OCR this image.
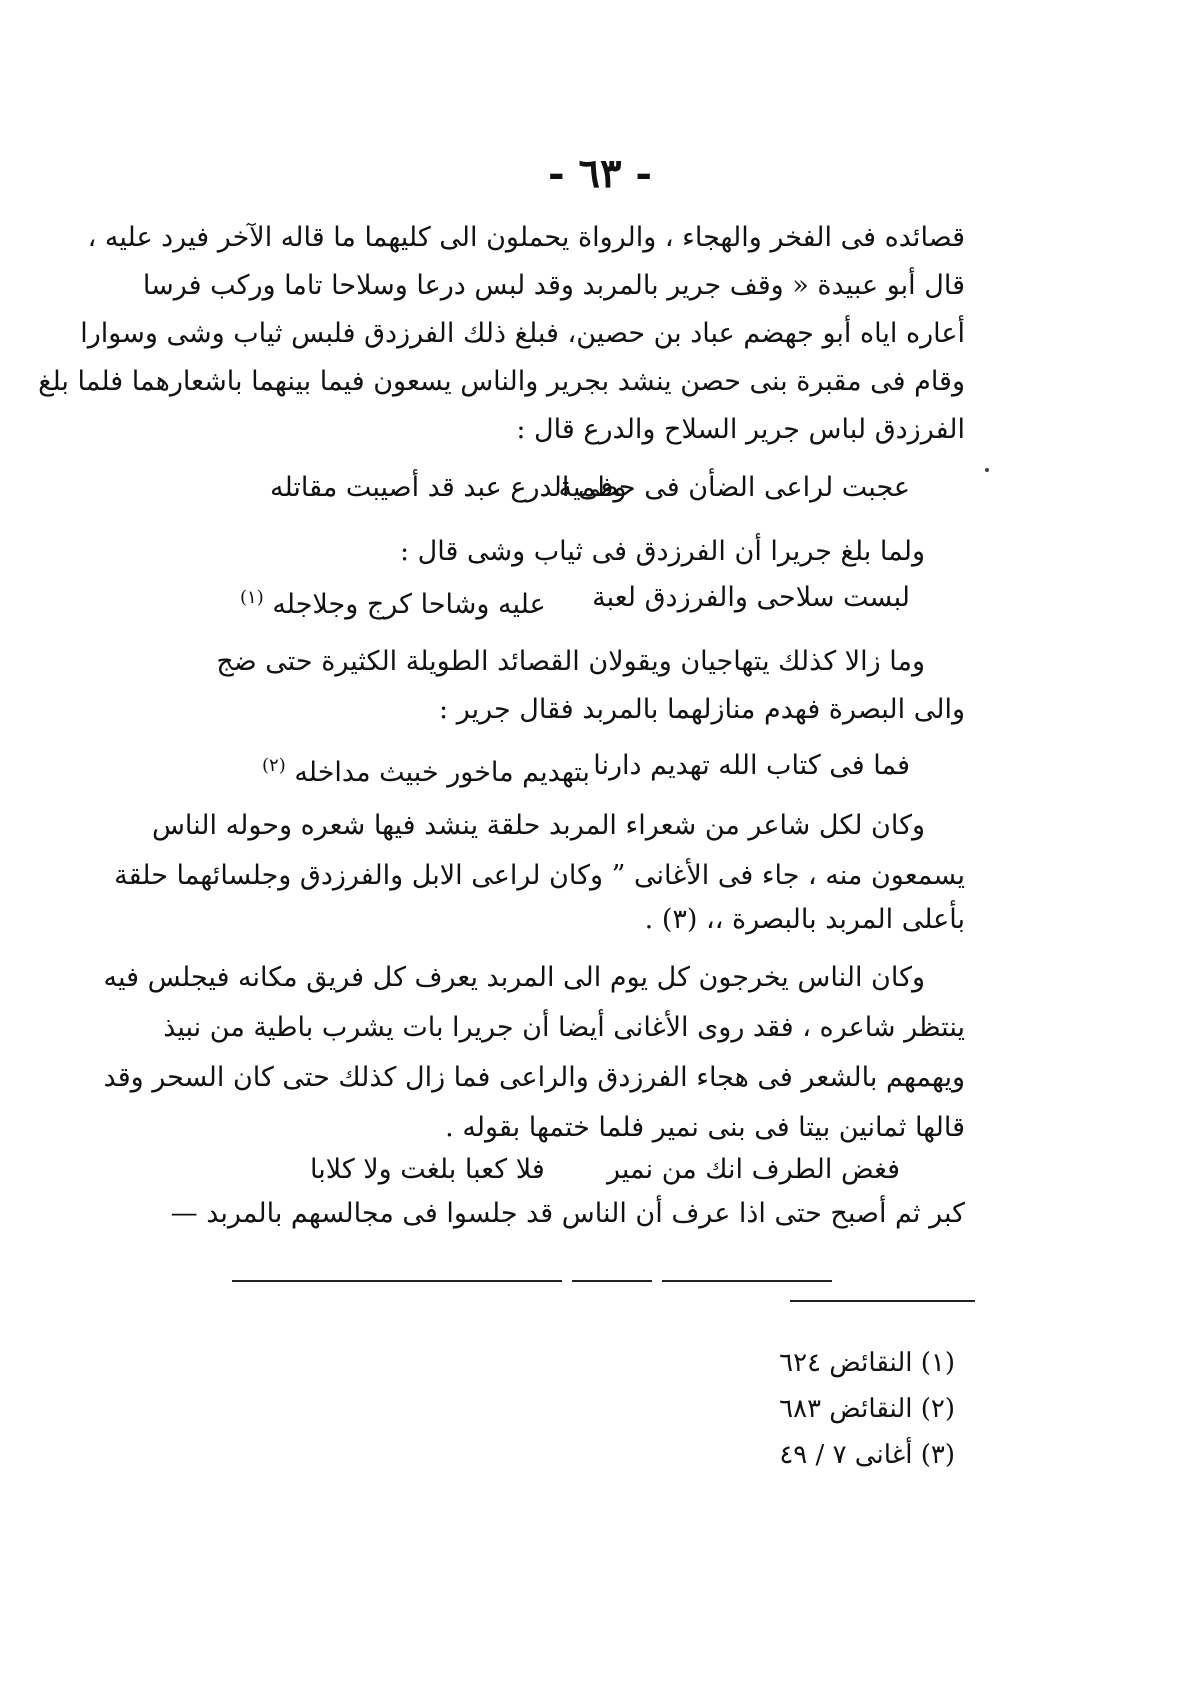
- ٦٣ -
قصائده فى الفخر والهجاء ، والرواة يحملون الى كليهما ما قاله الآخر فيرد عليه ،
قال أبو عبيدة « وقف جرير بالمربد وقد لبس درعا وسلاحا تاما وركب فرسا
أعاره اياه أبو جهضم عباد بن حصين، فبلغ ذلك الفرزدق فلبس ثياب وشى وسوارا
وقام فى مقبرة بنى حصن ينشد بجرير والناس يسعون فيما بينهما باشعارهما فلما بلغ
الفرزدق لباس جرير السلاح والدرع قال :
ولما بلغ جريرا أن الفرزدق فى ثياب وشى قال :
وما زالا كذلك يتهاجيان ويقولان القصائد الطويلة الكثيرة حتى ضج
والى البصرة فهدم منازلهما بالمربد فقال جرير :
وكان لكل شاعر من شعراء المربد حلقة ينشد فيها شعره وحوله الناس
يسمعون منه ، جاء فى الأغانى ” وكان لراعى الابل والفرزدق وجلسائهما حلقة
وكان الناس يخرجون كل يوم الى المربد يعرف كل فريق مكانه فيجلس فيه
ينتظر شاعره ، فقد روى الأغانى أيضا أن جريرا بات يشرب باطية من نبيذ
ويهمهم بالشعر فى هجاء الفرزدق والراعى فما زال كذلك حتى كان السحر وقد
قالها ثمانين بيتا فى بنى نمير فلما ختمها بقوله .
كبر ثم أصبح حتى اذا عرف أن الناس قد جلسوا فى مجالسهم بالمربد —
بأعلى المربد بالبصرة ،، (٣) .
عجبت لراعى الضأن فى حطمية
وفى الدرع عبد قد أصيبت مقاتله
لبست سلاحى والفرزدق لعبة
عليه وشاحا كرج وجلاجله $^{(١)}$
فما فى كتاب الله تهديم دارنا
بتهديم ماخور خبيث مداخله $^{(٢)}$
فغض الطرف انك من نمير
فلا كعبا بلغت ولا كلابا
(١) النقائض ٦٢٤
(٢) النقائض ٦٨٣
(٣) أغانى ٧ / ٤٩
